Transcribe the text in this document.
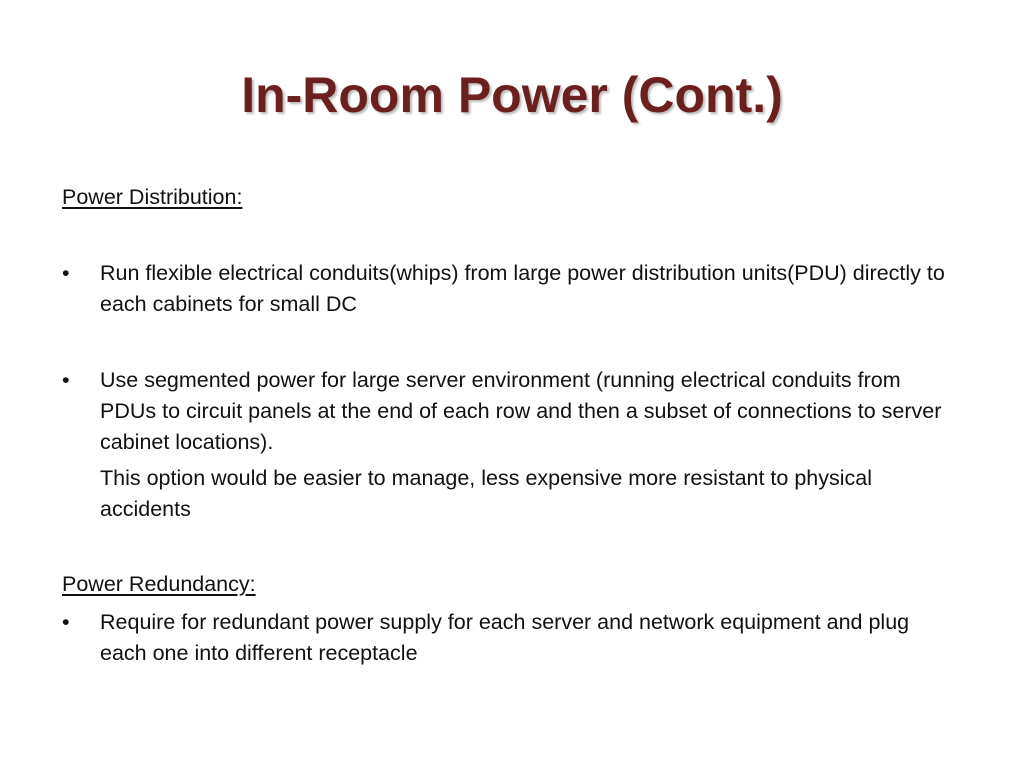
In-Room Power (Cont.)
Power Distribution:
• Run flexible electrical conduits(whips) from large power distribution units(PDU) directly to each cabinets for small DC
• Use segmented power for large server environment (running electrical conduits from PDUs to circuit panels at the end of each row and then a subset of connections to server cabinet locations).
This option would be easier to manage, less expensive more resistant to physical accidents
Power Redundancy:
• Require for redundant power supply for each server and network equipment and plug each one into different receptacle
